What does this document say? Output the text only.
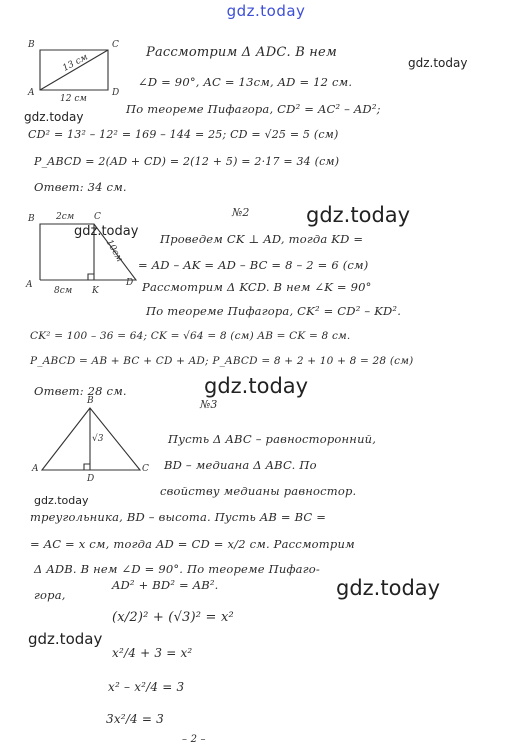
gdz.today
B	C
A	D
13 см
12 см
Рассмотрим Δ АDС. В нем
∠D = 90°, AC = 13см, AD = 12 см.
По теореме Пифагора, CD² = AC² – AD²;
CD² = 13² – 12² = 169 – 144 = 25; CD = √25 = 5 (см)
P_ABCD = 2(AD + CD) = 2(12 + 5) = 2·17 = 34 (см)
Ответ: 34 см.
№2
B	C
A	D
K
2см
10см
8см
Проведем CK ⊥ AD, тогда KD =
= AD – AK = AD – BC = 8 – 2 = 6 (см)
Рассмотрим Δ KCD. В нем ∠K = 90°
По теореме Пифагора, CK² = CD² – KD².
CK² = 100 – 36 = 64; CK = √64 = 8 (см) AB = CK = 8 см.
P_ABCD = AB + BC + CD + AD; P_ABCD = 8 + 2 + 10 + 8 = 28 (см)
Ответ: 28 см.
№3
B
A	C
D
√3	Пусть Δ ABC – равносторонний,
BD – медиана Δ ABC. По
свойству медианы равностор.
треугольника, BD – высота. Пусть AB = BC =
= AC = x см, тогда AD = CD = x/2 см. Рассмотрим
Δ ADB. В нем ∠D = 90°. По теореме Пифаго-
гора,
AD² + BD² = AB².
(x/2)² + (√3)² = x²
x²/4 + 3 = x²
x² – x²/4 = 3
3x²/4 = 3
– 2 –
gdz.today
gdz.today
gdz.today
gdz.today
gdz.today
gdz.today
gdz.today
gdz.today
